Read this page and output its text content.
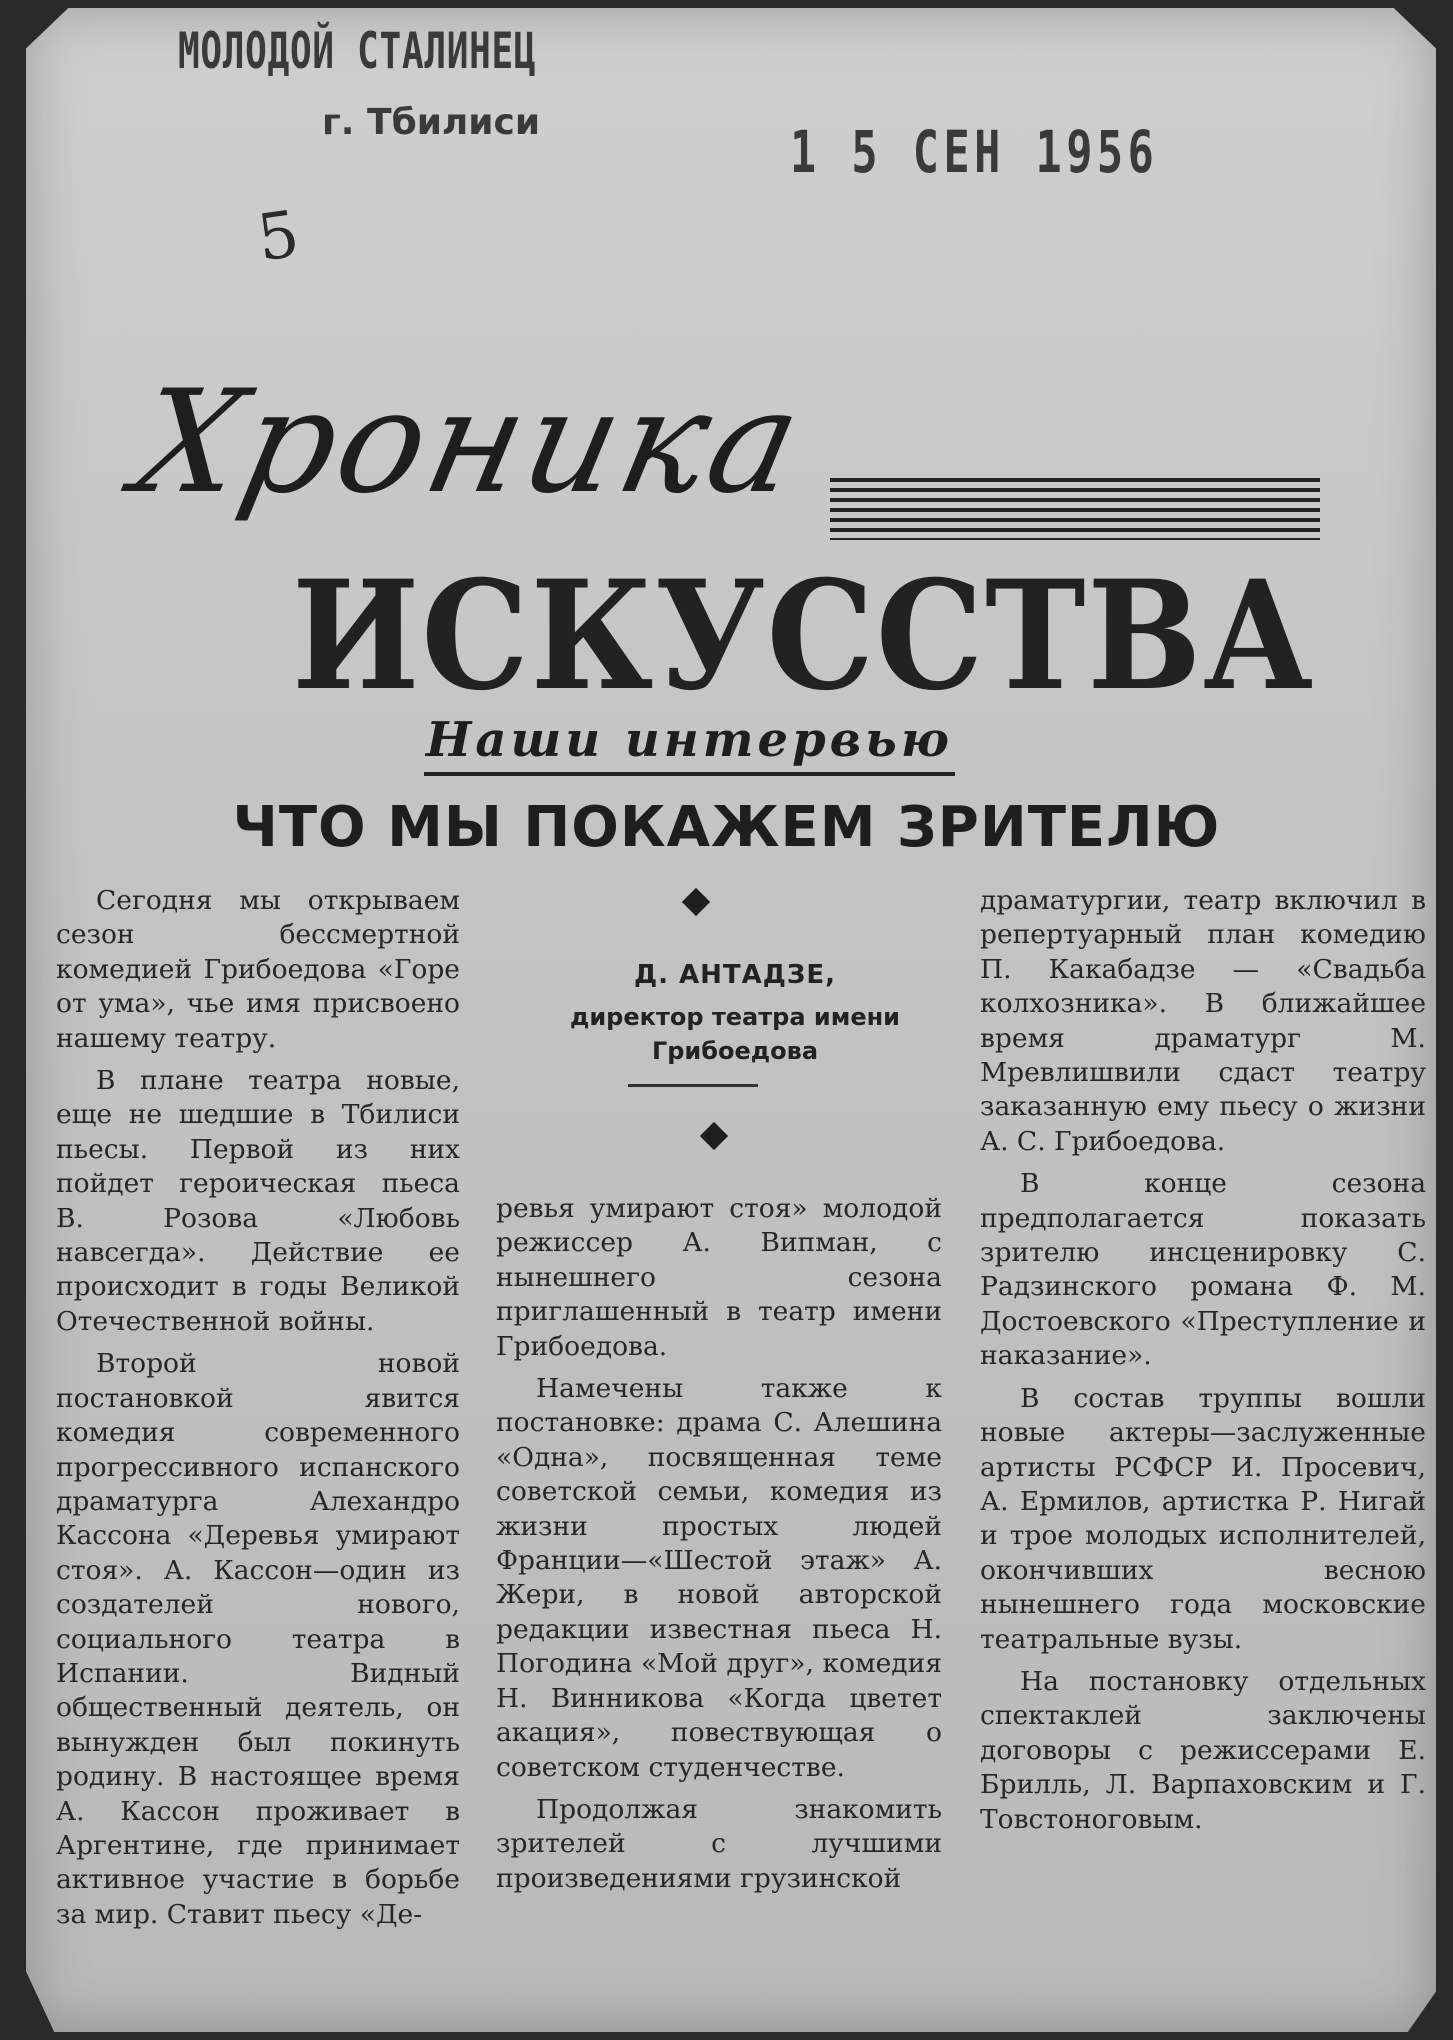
МОЛОДОЙ СТАЛИНЕЦ
г. Тбилиси	1 5 СЕН 1956
5
Хроника
ИСКУССТВА
Наши интервью
ЧТО МЫ ПОКАЖЕМ ЗРИТЕЛЮ
Д. АНТАДЗЕ,
директор театра имени Грибоедова

Сегодня мы открываем сезон бессмертной комедией Грибоедова «Горе от ума», чье имя присвоено нашему театру.

В плане театра новые, еще не шедшие в Тбилиси пьесы. Первой из них пойдет героическая пьеса В. Розова «Любовь навсегда». Действие ее происходит в годы Великой Отечественной войны.

Второй новой постановкой явится комедия современного прогрессивного испанского драматурга Алехандро Кассона «Деревья умирают стоя». А. Кассон—один из создателей нового, социального театра в Испании. Видный общественный деятель, он вынужден был покинуть родину. В настоящее время А. Кассон проживает в Аргентине, где принимает активное участие в борьбе за мир. Ставит пьесу «Де-

ревья умирают стоя» молодой режиссер А. Випман, с нынешнего сезона приглашенный в театр имени Грибоедова.

Намечены также к постановке: драма С. Алешина «Одна», посвященная теме советской семьи, комедия из жизни простых людей Франции—«Шестой этаж» А. Жери, в новой авторской редакции известная пьеса Н. Погодина «Мой друг», комедия Н. Винникова «Когда цветет акация», повествующая о советском студенчестве.

Продолжая знакомить зрителей с лучшими произведениями грузинской

драматургии, театр включил в репертуарный план комедию П. Какабадзе — «Свадьба колхозника». В ближайшее время драматург М. Мревлишвили сдаст театру заказанную ему пьесу о жизни А. С. Грибоедова.

В конце сезона предполагается показать зрителю инсценировку С. Радзинского романа Ф. М. Достоевского «Преступление и наказание».

В состав труппы вошли новые актеры—заслуженные артисты РСФСР И. Просевич, А. Ермилов, артистка Р. Нигай и трое молодых исполнителей, окончивших весною нынешнего года московские театральные вузы.

На постановку отдельных спектаклей заключены договоры с режиссерами Е. Брилль, Л. Варпаховским и Г. Товстоноговым.
